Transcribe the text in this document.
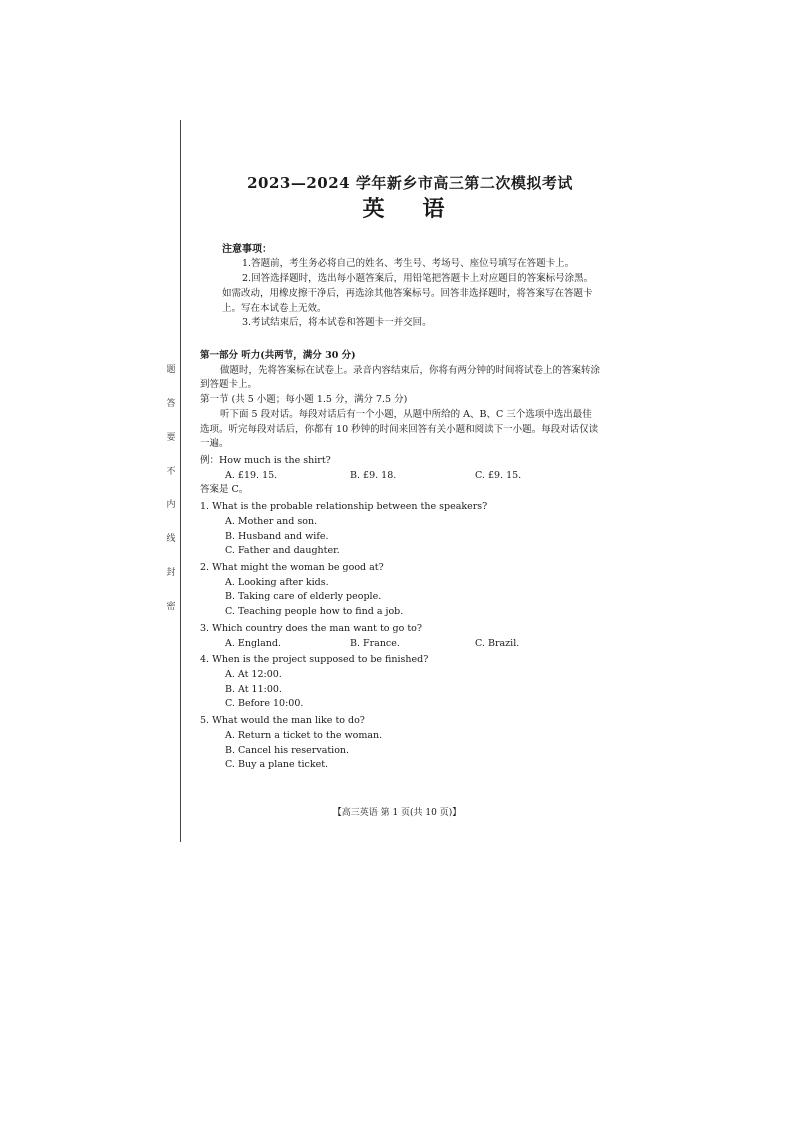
题
答
要
不
内
线
封
密
2023—2024 学年新乡市高三第二次模拟考试
英语
注意事项：
1.答题前，考生务必将自己的姓名、考生号、考场号、座位号填写在答题卡上。
2.回答选择题时，选出每小题答案后，用铅笔把答题卡上对应题目的答案标号涂黑。如需改动，用橡皮擦干净后，再选涂其他答案标号。回答非选择题时，将答案写在答题卡上。写在本试卷上无效。
3.考试结束后，将本试卷和答题卡一并交回。
第一部分 听力(共两节，满分 30 分)
做题时，先将答案标在试卷上。录音内容结束后，你将有两分钟的时间将试卷上的答案转涂到答题卡上。
第一节 (共 5 小题；每小题 1.5 分，满分 7.5 分)
听下面 5 段对话。每段对话后有一个小题，从题中所给的 A、B、C 三个选项中选出最佳选项。听完每段对话后，你都有 10 秒钟的时间来回答有关小题和阅读下一小题。每段对话仅读一遍。
例：How much is the shirt?
A. £19. 15.	B. £9. 18.	C. £9. 15.
答案是 C。
1. What is the probable relationship between the speakers?
A. Mother and son.
B. Husband and wife.
C. Father and daughter.
2. What might the woman be good at?
A. Looking after kids.
B. Taking care of elderly people.
C. Teaching people how to find a job.
3. Which country does the man want to go to?
A. England.	B. France.	C. Brazil.
4. When is the project supposed to be finished?
A. At 12:00.
B. At 11:00.
C. Before 10:00.
5. What would the man like to do?
A. Return a ticket to the woman.
B. Cancel his reservation.
C. Buy a plane ticket.
【高三英语 第 1 页(共 10 页)】
